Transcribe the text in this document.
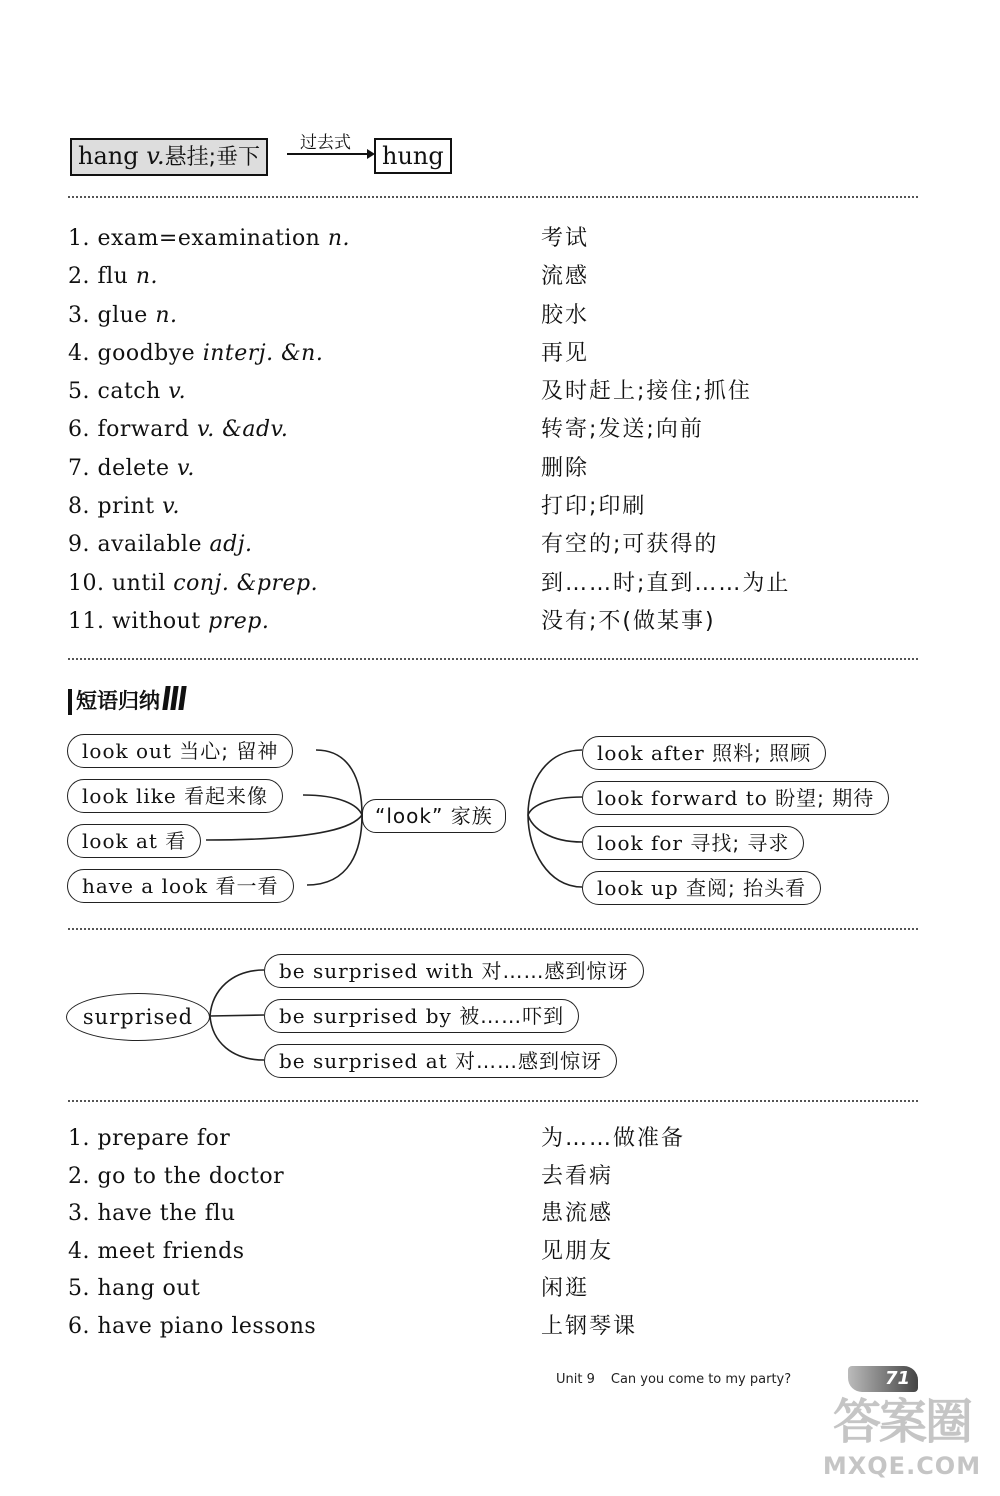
hang v.悬挂;垂下
过去式	hung
1. exam=examination n.	考试
2. flu n.	流感
3. glue n.	胶水
4. goodbye interj. &n.	再见
5. catch v.	及时赶上;接住;抓住
6. forward v. &adv.	转寄;发送;向前
7. delete v.	删除
8. print v.	打印;印刷
9. available adj.	有空的;可获得的
10. until conj. &prep.	到……时;直到……为止
11. without prep.	没有;不(做某事)
短语归纳
look out 当心; 留神
look like 看起来像
look at 看
have a look 看一看
“look” 家族
look after 照料; 照顾
look forward to 盼望; 期待
look for 寻找; 寻求
look up 查阅; 抬头看
surprised
be surprised with 对……感到惊讶
be surprised by 被……吓到
be surprised at 对……感到惊讶
1. prepare for	为……做准备
2. go to the doctor	去看病
3. have the flu	患流感
4. meet friends	见朋友
5. hang out	闲逛
6. have piano lessons	上钢琴课
Unit 9 Can you come to my party?	71
答案圈
MXQE.COM
